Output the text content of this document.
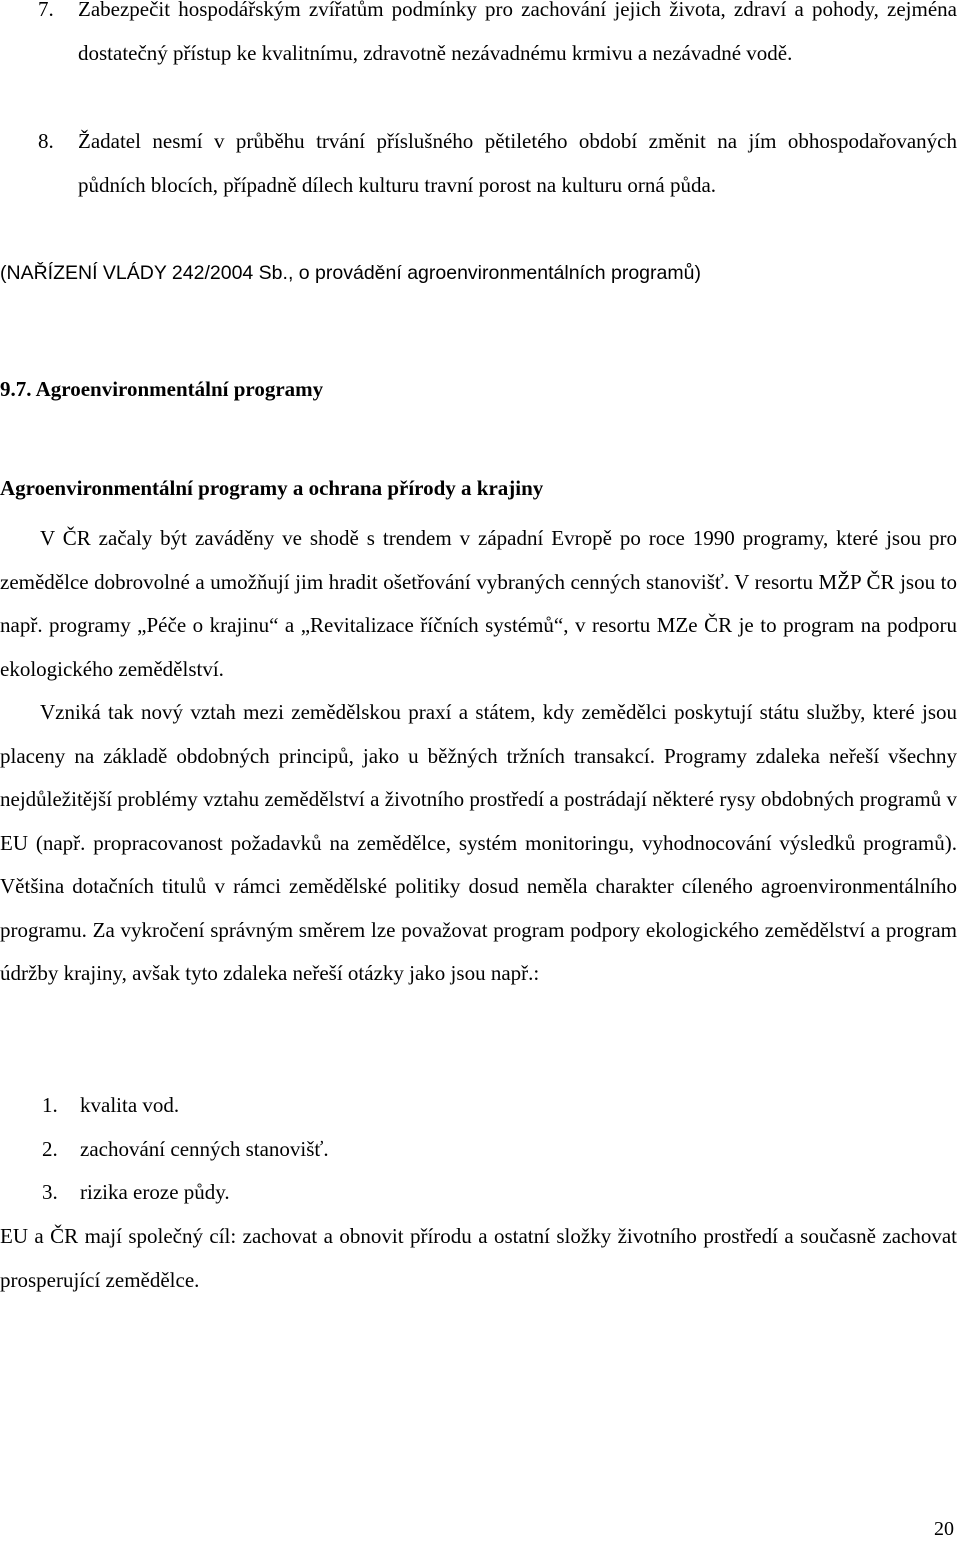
7. Zabezpečit hospodářským zvířatům podmínky pro zachování jejich života, zdraví a pohody, zejména dostatečný přístup ke kvalitnímu, zdravotně nezávadnému krmivu a nezávadné vodě.
8. Žadatel nesmí v průběhu trvání příslušného pětiletého období změnit na jím obhospodařovaných půdních blocích, případně dílech kulturu travní porost na kulturu orná půda.
(NAŘÍZENÍ VLÁDY 242/2004 Sb., o provádění agroenvironmentálních programů)
9.7. Agroenvironmentální programy
Agroenvironmentální programy a ochrana přírody a krajiny
V ČR začaly být zaváděny ve shodě s trendem v západní Evropě po roce 1990 programy, které jsou pro zemědělce dobrovolné a umožňují jim hradit ošetřování vybraných cenných stanovišť. V resortu MŽP ČR jsou to např. programy „Péče o krajinu“ a „Revitalizace říčních systémů“, v resortu MZe ČR je to program na podporu ekologického zemědělství.
Vzniká tak nový vztah mezi zemědělskou praxí a státem, kdy zemědělci poskytují státu služby, které jsou placeny na základě obdobných principů, jako u běžných tržních transakcí. Programy zdaleka neřeší všechny nejdůležitější problémy vztahu zemědělství a životního prostředí a postrádají některé rysy obdobných programů v EU (např. propracovanost požadavků na zemědělce, systém monitoringu, vyhodnocování výsledků programů). Většina dotačních titulů v rámci zemědělské politiky dosud neměla charakter cíleného agroenvironmentálního programu. Za vykročení správným směrem lze považovat program podpory ekologického zemědělství a program údržby krajiny, avšak tyto zdaleka neřeší otázky jako jsou např.:
1. kvalita vod.
2. zachování cenných stanovišť.
3. rizika eroze půdy.
EU a ČR mají společný cíl: zachovat a obnovit přírodu a ostatní složky životního prostředí a současně zachovat prosperující zemědělce.
20
